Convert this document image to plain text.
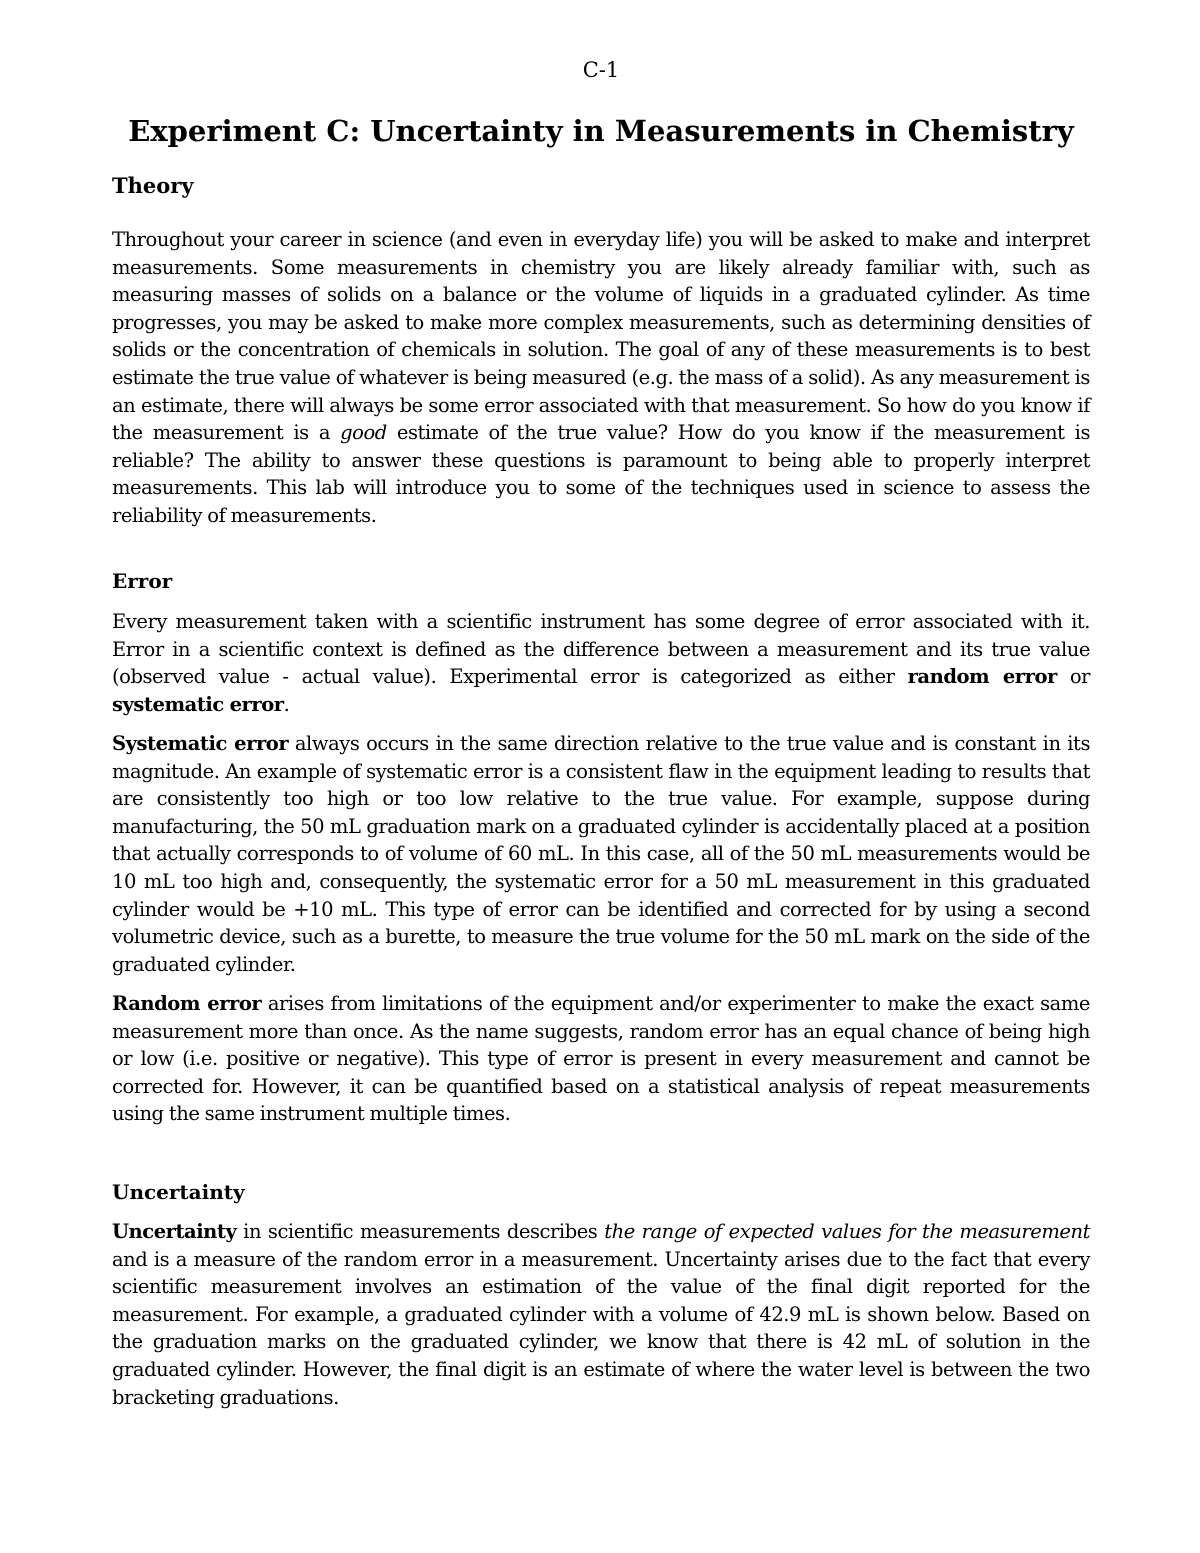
C-1
Experiment C: Uncertainty in Measurements in Chemistry
Theory

Throughout your career in science (and even in everyday life) you will be asked to make and interpret measurements. Some measurements in chemistry you are likely already familiar with, such as measuring masses of solids on a balance or the volume of liquids in a graduated cylinder. As time progresses, you may be asked to make more complex measurements, such as determining densities of solids or the concentration of chemicals in solution. The goal of any of these measurements is to best estimate the true value of whatever is being measured (e.g. the mass of a solid). As any measurement is an estimate, there will always be some error associated with that measurement. So how do you know if the measurement is a good estimate of the true value? How do you know if the measurement is reliable? The ability to answer these questions is paramount to being able to properly interpret measurements. This lab will introduce you to some of the techniques used in science to assess the reliability of measurements.

Error

Every measurement taken with a scientific instrument has some degree of error associated with it. Error in a scientific context is defined as the difference between a measurement and its true value (observed value - actual value). Experimental error is categorized as either random error or systematic error.

Systematic error always occurs in the same direction relative to the true value and is constant in its magnitude. An example of systematic error is a consistent flaw in the equipment leading to results that are consistently too high or too low relative to the true value. For example, suppose during manufacturing, the 50 mL graduation mark on a graduated cylinder is accidentally placed at a position that actually corresponds to of volume of 60 mL. In this case, all of the 50 mL measurements would be 10 mL too high and, consequently, the systematic error for a 50 mL measurement in this graduated cylinder would be +10 mL. This type of error can be identified and corrected for by using a second volumetric device, such as a burette, to measure the true volume for the 50 mL mark on the side of the graduated cylinder.

Random error arises from limitations of the equipment and/or experimenter to make the exact same measurement more than once. As the name suggests, random error has an equal chance of being high or low (i.e. positive or negative). This type of error is present in every measurement and cannot be corrected for. However, it can be quantified based on a statistical analysis of repeat measurements using the same instrument multiple times.

Uncertainty

Uncertainty in scientific measurements describes the range of expected values for the measurement and is a measure of the random error in a measurement. Uncertainty arises due to the fact that every scientific measurement involves an estimation of the value of the final digit reported for the measurement. For example, a graduated cylinder with a volume of 42.9 mL is shown below. Based on the graduation marks on the graduated cylinder, we know that there is 42 mL of solution in the graduated cylinder. However, the final digit is an estimate of where the water level is between the two bracketing graduations.
